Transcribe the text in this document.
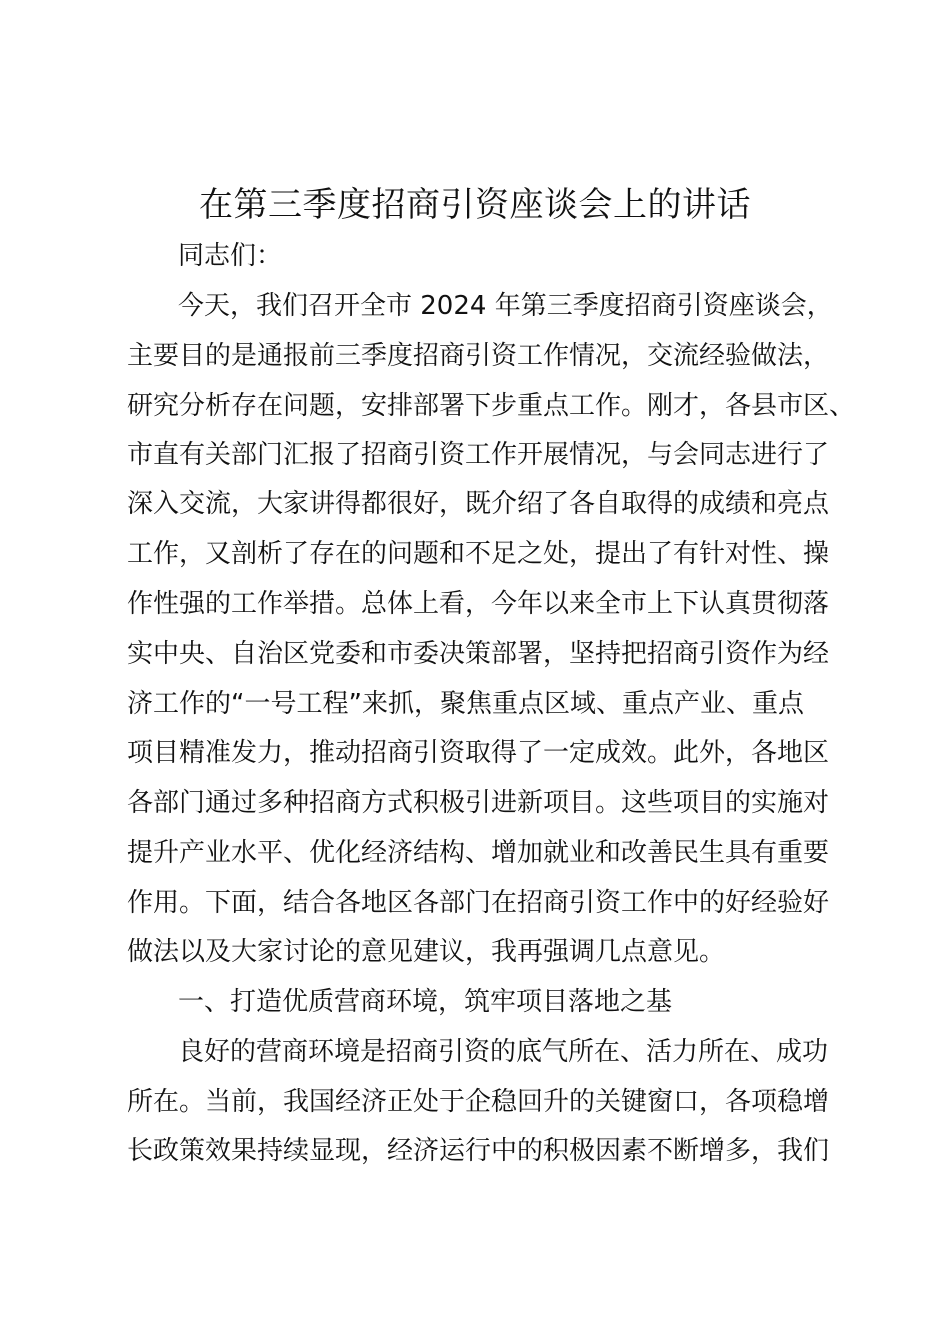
在第三季度招商引资座谈会上的讲话

同志们：

今天，我们召开全市 2024 年第三季度招商引资座谈会，

主要目的是通报前三季度招商引资工作情况，交流经验做法，

研究分析存在问题，安排部署下步重点工作。刚才，各县市区、

市直有关部门汇报了招商引资工作开展情况，与会同志进行了

深入交流，大家讲得都很好，既介绍了各自取得的成绩和亮点

工作，又剖析了存在的问题和不足之处，提出了有针对性、操

作性强的工作举措。总体上看，今年以来全市上下认真贯彻落

实中央、自治区党委和市委决策部署，坚持把招商引资作为经

济工作的“一号工程”来抓，聚焦重点区域、重点产业、重点

项目精准发力，推动招商引资取得了一定成效。此外，各地区

各部门通过多种招商方式积极引进新项目。这些项目的实施对

提升产业水平、优化经济结构、增加就业和改善民生具有重要

作用。下面，结合各地区各部门在招商引资工作中的好经验好

做法以及大家讨论的意见建议，我再强调几点意见。

一、打造优质营商环境，筑牢项目落地之基

良好的营商环境是招商引资的底气所在、活力所在、成功

所在。当前，我国经济正处于企稳回升的关键窗口，各项稳增

长政策效果持续显现，经济运行中的积极因素不断增多，我们
